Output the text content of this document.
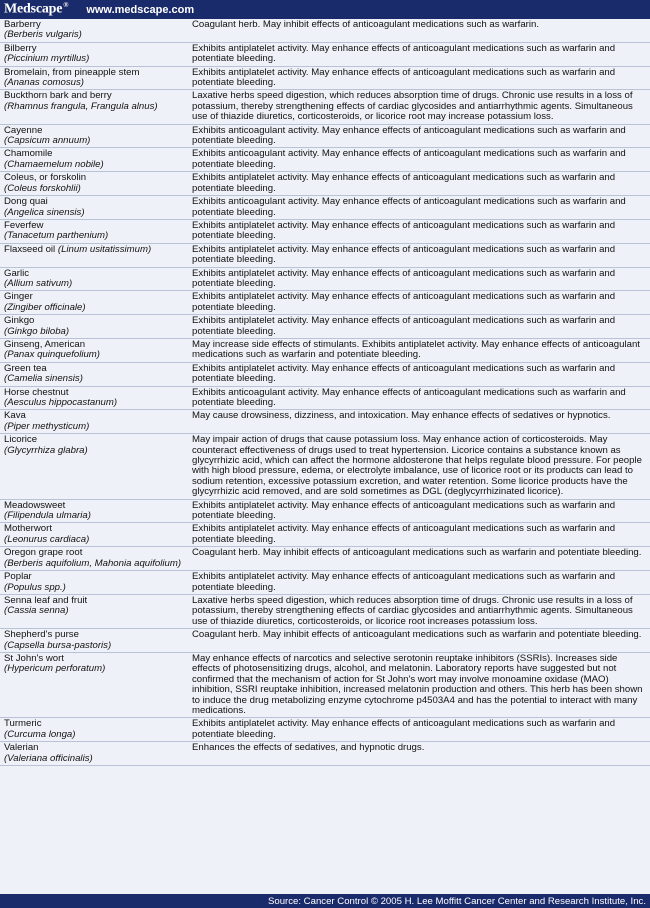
Medscape® www.medscape.com
Barberry
(Berberis vulgaris)	Coagulant herb. May inhibit effects of anticoagulant medications such as warfarin.
Bilberry
(Piccinium myrtillus)	Exhibits antiplatelet activity. May enhance effects of anticoagulant medications such as warfarin and potentiate bleeding.
Bromelain, from pineapple stem
(Ananas comosus)	Exhibits antiplatelet activity. May enhance effects of anticoagulant medications such as warfarin and potentiate bleeding.
Buckthorn bark and berry
(Rhamnus frangula, Frangula alnus)	Laxative herbs speed digestion, which reduces absorption time of drugs. Chronic use results in a loss of potassium, thereby strengthening effects of cardiac glycosides and antiarrhythmic agents. Simultaneous use of thiazide diuretics, corticosteroids, or licorice root may increase potassium loss.
Cayenne
(Capsicum annuum)	Exhibits anticoagulant activity. May enhance effects of anticoagulant medications such as warfarin and potentiate bleeding.
Chamomile
(Chamaemelum nobile)	Exhibits anticoagulant activity. May enhance effects of anticoagulant medications such as warfarin and potentiate bleeding.
Coleus, or forskolin
(Coleus forskohlii)	Exhibits antiplatelet activity. May enhance effects of anticoagulant medications such as warfarin and potentiate bleeding.
Dong quai
(Angelica sinensis)	Exhibits anticoagulant activity. May enhance effects of anticoagulant medications such as warfarin and potentiate bleeding.
Feverfew
(Tanacetum parthenium)	Exhibits antiplatelet activity. May enhance effects of anticoagulant medications such as warfarin and potentiate bleeding.
Flaxseed oil (Linum usitatissimum)	Exhibits antiplatelet activity. May enhance effects of anticoagulant medications such as warfarin and potentiate bleeding.
Garlic
(Allium sativum)	Exhibits antiplatelet activity. May enhance effects of anticoagulant medications such as warfarin and potentiate bleeding.
Ginger
(Zingiber officinale)	Exhibits antiplatelet activity. May enhance effects of anticoagulant medications such as warfarin and potentiate bleeding.
Ginkgo
(Ginkgo biloba)	Exhibits antiplatelet activity. May enhance effects of anticoagulant medications such as warfarin and potentiate bleeding.
Ginseng, American
(Panax quinquefolium)	May increase side effects of stimulants. Exhibits antiplatelet activity. May enhance effects of anticoagulant medications such as warfarin and potentiate bleeding.
Green tea
(Camelia sinensis)	Exhibits antiplatelet activity. May enhance effects of anticoagulant medications such as warfarin and potentiate bleeding.
Horse chestnut
(Aesculus hippocastanum)	Exhibits anticoagulant activity. May enhance effects of anticoagulant medications such as warfarin and potentiate bleeding.
Kava
(Piper methysticum)	May cause drowsiness, dizziness, and intoxication. May enhance effects of sedatives or hypnotics.
Licorice
(Glycyrrhiza glabra)	May impair action of drugs that cause potassium loss. May enhance action of corticosteroids. May counteract effectiveness of drugs used to treat hypertension. Licorice contains a substance known as glycyrrhizic acid, which can affect the hormone aldosterone that helps regulate blood pressure. For people with high blood pressure, edema, or electrolyte imbalance, use of licorice root or its products can lead to sodium retention, excessive potassium excretion, and water retention. Some licorice products have the glycyrrhizic acid removed, and are sold sometimes as DGL (deglycyrrhizinated licorice).
Meadowsweet
(Filipendula ulmaria)	Exhibits antiplatelet activity. May enhance effects of anticoagulant medications such as warfarin and potentiate bleeding.
Motherwort
(Leonurus cardiaca)	Exhibits antiplatelet activity. May enhance effects of anticoagulant medications such as warfarin and potentiate bleeding.
Oregon grape root
(Berberis aquifolium, Mahonia aquifolium)	Coagulant herb. May inhibit effects of anticoagulant medications such as warfarin and potentiate bleeding.
Poplar
(Populus spp.)	Exhibits antiplatelet activity. May enhance effects of anticoagulant medications such as warfarin and potentiate bleeding.
Senna leaf and fruit
(Cassia senna)	Laxative herbs speed digestion, which reduces absorption time of drugs. Chronic use results in a loss of potassium, thereby strengthening effects of cardiac glycosides and antiarrhythmic agents. Simultaneous use of thiazide diuretics, corticosteroids, or licorice root increases potassium loss.
Shepherd's purse
(Capsella bursa-pastoris)	Coagulant herb. May inhibit effects of anticoagulant medications such as warfarin and potentiate bleeding.
St John's wort
(Hypericum perforatum)	May enhance effects of narcotics and selective serotonin reuptake inhibitors (SSRIs). Increases side effects of photosensitizing drugs, alcohol, and melatonin. Laboratory reports have suggested but not confirmed that the mechanism of action for St John's wort may involve monoamine oxidase (MAO) inhibition, SSRI reuptake inhibition, increased melatonin production and others. This herb has been shown to induce the drug metabolizing enzyme cytochrome p4503A4 and has the potential to interact with many medications.
Turmeric
(Curcuma longa)	Exhibits antiplatelet activity. May enhance effects of anticoagulant medications such as warfarin and potentiate bleeding.
Valerian
(Valeriana officinalis)	Enhances the effects of sedatives, and hypnotic drugs.
Source: Cancer Control © 2005 H. Lee Moffitt Cancer Center and Research Institute, Inc.
